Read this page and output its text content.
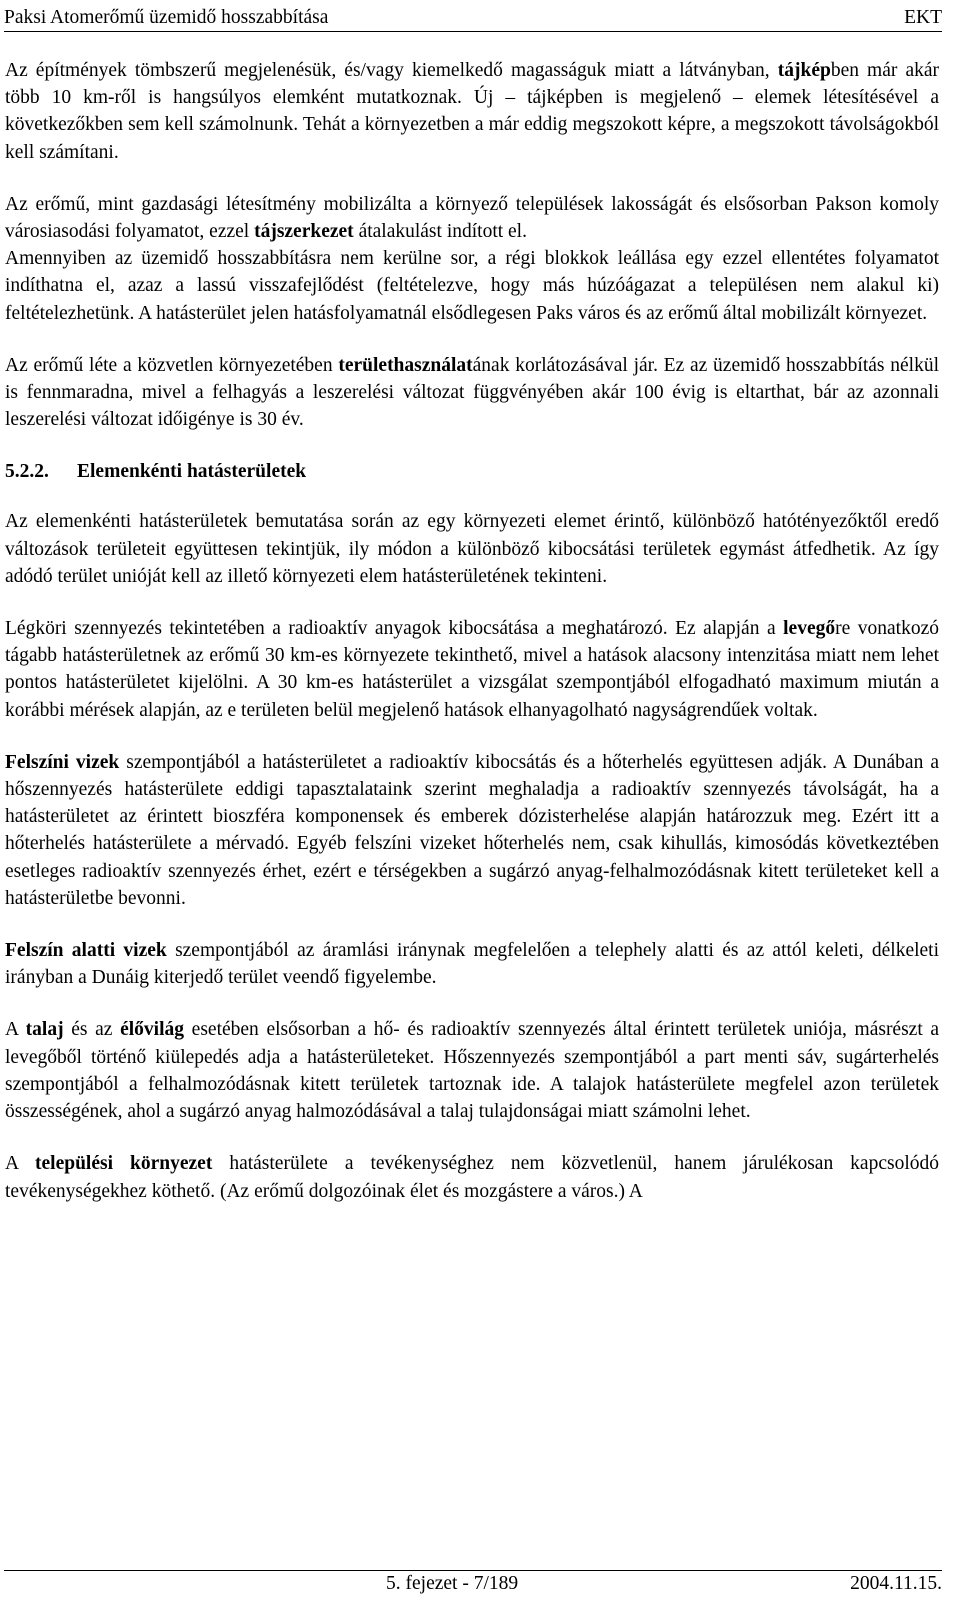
Paksi Atomerőmű üzemidő hosszabbítása	EKT

Az építmények tömbszerű megjelenésük, és/vagy kiemelkedő magasságuk miatt a látványban, tájképben már akár több 10 km-ről is hangsúlyos elemként mutatkoznak. Új – tájképben is megjelenő – elemek létesítésével a következőkben sem kell számolnunk. Tehát a környezetben a már eddig megszokott képre, a megszokott távolságokból kell számítani.

Az erőmű, mint gazdasági létesítmény mobilizálta a környező települések lakosságát és elsősorban Pakson komoly városiasodási folyamatot, ezzel tájszerkezet átalakulást indított el.

Amennyiben az üzemidő hosszabbításra nem kerülne sor, a régi blokkok leállása egy ezzel ellentétes folyamatot indíthatna el, azaz a lassú visszafejlődést (feltételezve, hogy más húzóágazat a településen nem alakul ki) feltételezhetünk. A hatásterület jelen hatásfolyamatnál elsődlegesen Paks város és az erőmű által mobilizált környezet.

Az erőmű léte a közvetlen környezetében területhasználatának korlátozásával jár. Ez az üzemidő hosszabbítás nélkül is fennmaradna, mivel a felhagyás a leszerelési változat függvényében akár 100 évig is eltarthat, bár az azonnali leszerelési változat időigénye is 30 év.

5.2.2. Elemenkénti hatásterületek

Az elemenkénti hatásterületek bemutatása során az egy környezeti elemet érintő, különböző hatótényezőktől eredő változások területeit együttesen tekintjük, ily módon a különböző kibocsátási területek egymást átfedhetik. Az így adódó terület unióját kell az illető környezeti elem hatásterületének tekinteni.

Légköri szennyezés tekintetében a radioaktív anyagok kibocsátása a meghatározó. Ez alapján a levegőre vonatkozó tágabb hatásterületnek az erőmű 30 km-es környezete tekinthető, mivel a hatások alacsony intenzitása miatt nem lehet pontos hatásterületet kijelölni. A 30 km-es hatásterület a vizsgálat szempontjából elfogadható maximum miután a korábbi mérések alapján, az e területen belül megjelenő hatások elhanyagolható nagyságrendűek voltak.

Felszíni vizek szempontjából a hatásterületet a radioaktív kibocsátás és a hőterhelés együttesen adják. A Dunában a hőszennyezés hatásterülete eddigi tapasztalataink szerint meghaladja a radioaktív szennyezés távolságát, ha a hatásterületet az érintett bioszféra komponensek és emberek dózisterhelése alapján határozzuk meg. Ezért itt a hőterhelés hatásterülete a mérvadó. Egyéb felszíni vizeket hőterhelés nem, csak kihullás, kimosódás következtében esetleges radioaktív szennyezés érhet, ezért e térségekben a sugárzó anyag-felhalmozódásnak kitett területeket kell a hatásterületbe bevonni.

Felszín alatti vizek szempontjából az áramlási iránynak megfelelően a telephely alatti és az attól keleti, délkeleti irányban a Dunáig kiterjedő terület veendő figyelembe.

A talaj és az élővilág esetében elsősorban a hő- és radioaktív szennyezés által érintett területek uniója, másrészt a levegőből történő kiülepedés adja a hatásterületeket. Hőszennyezés szempontjából a part menti sáv, sugárterhelés szempontjából a felhalmozódásnak kitett területek tartoznak ide. A talajok hatásterülete megfelel azon területek összességének, ahol a sugárzó anyag halmozódásával a talaj tulajdonságai miatt számolni lehet.

A települési környezet hatásterülete a tevékenységhez nem közvetlenül, hanem járulékosan kapcsolódó tevékenységekhez köthető. (Az erőmű dolgozóinak élet és mozgástere a város.) A

5. fejezet - 7/189	2004.11.15.
